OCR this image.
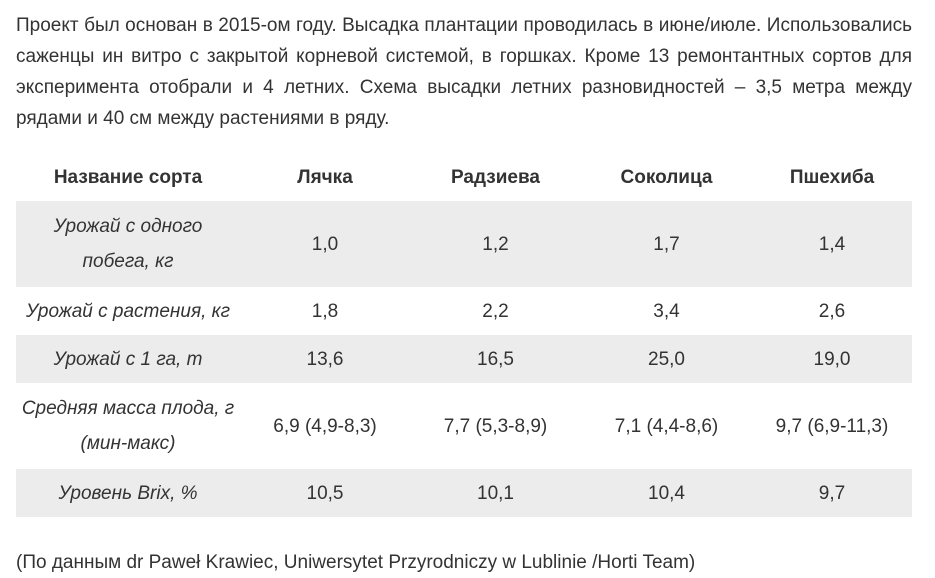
Проект был основан в 2015-ом году. Высадка плантации проводилась в июне/июле. Использовались саженцы ин витро с закрытой корневой системой, в горшках. Кроме 13 ремонтантных сортов для эксперимента отобрали и 4 летних. Схема высадки летних разновидностей – 3,5 метра между рядами и 40 см между растениями в ряду.

Название сорта	Лячка	Радзиева	Соколица	Пшехиба
Урожай с одного побега, кг	1,0	1,2	1,7	1,4
Урожай с растения, кг	1,8	2,2	3,4	2,6
Урожай с 1 га, т	13,6	16,5	25,0	19,0
Средняя масса плода, г (мин-макс)	6,9 (4,9-8,3)	7,7 (5,3-8,9)	7,1 (4,4-8,6)	9,7 (6,9-11,3)
Уровень Brix, %	10,5	10,1	10,4	9,7

(По данным dr Paweł Krawiec, Uniwersytet Przyrodniczy w Lublinie /Horti Team)
